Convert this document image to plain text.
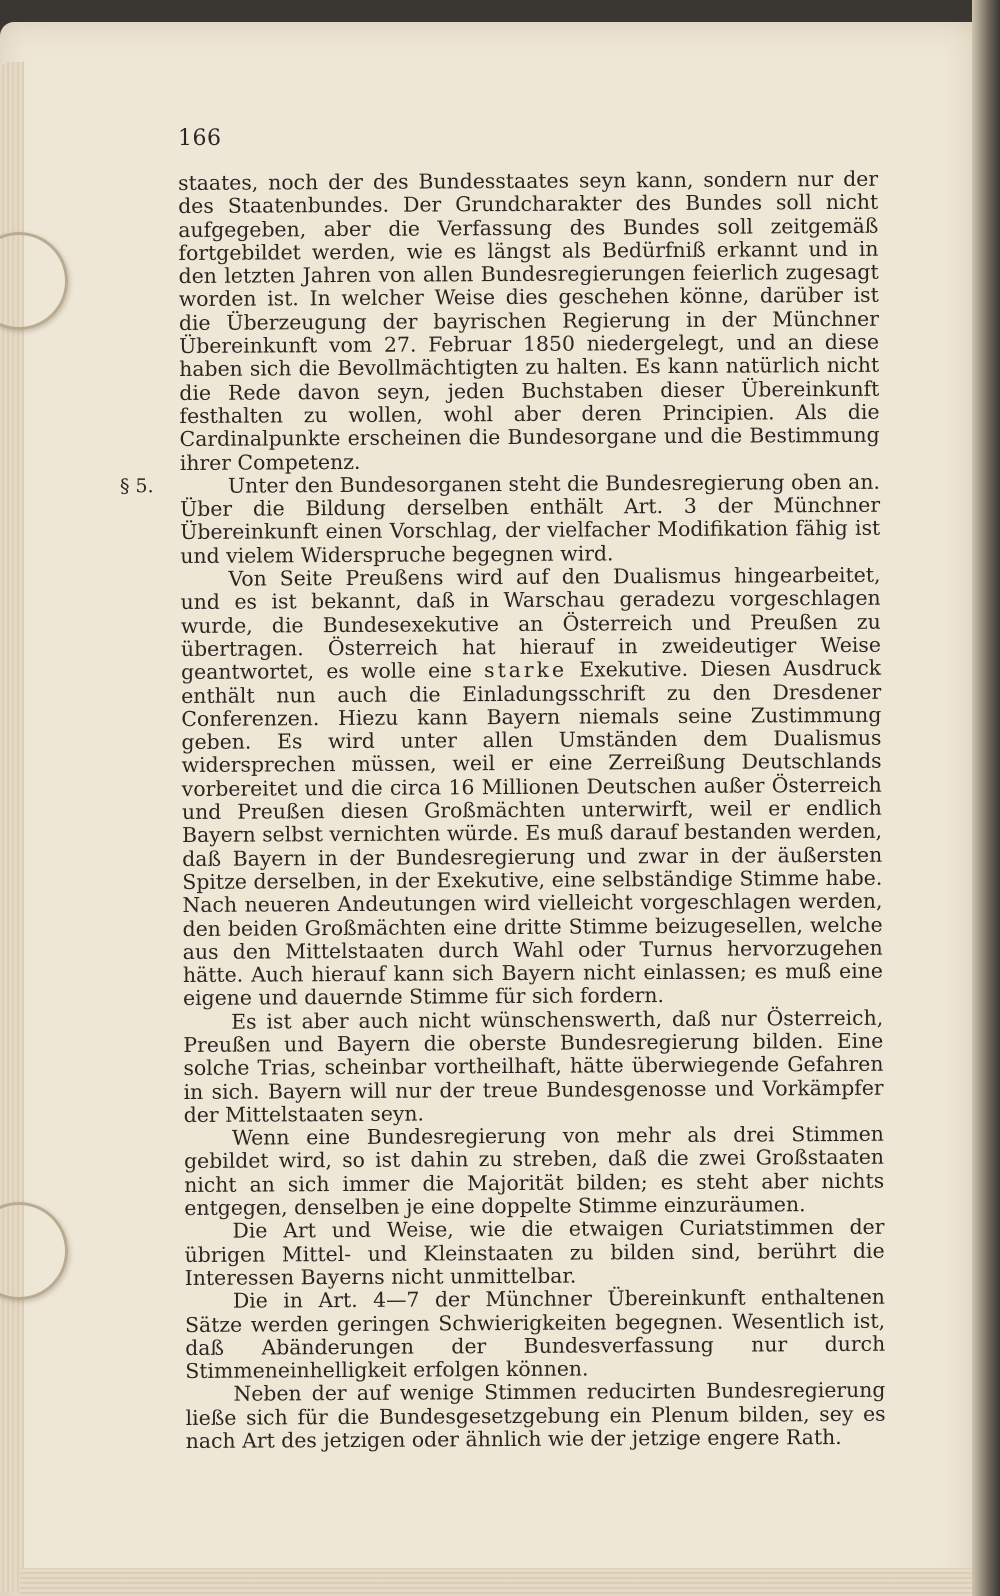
166

staates, noch der des Bundesstaates seyn kann, sondern nur der des Staatenbundes. Der Grundcharakter des Bundes soll nicht aufgegeben, aber die Verfassung des Bundes soll zeitgemäß fortgebildet werden, wie es längst als Bedürfniß erkannt und in den letzten Jahren von allen Bundesregierungen feierlich zugesagt worden ist. In welcher Weise dies geschehen könne, darüber ist die Überzeugung der bayrischen Regierung in der Münchner Übereinkunft vom 27. Februar 1850 niedergelegt, und an diese haben sich die Bevollmächtigten zu halten. Es kann natürlich nicht die Rede davon seyn, jeden Buchstaben dieser Übereinkunft festhalten zu wollen, wohl aber deren Principien. Als die Cardinalpunkte erscheinen die Bundesorgane und die Bestimmung ihrer Competenz.

§ 5.	Unter den Bundesorganen steht die Bundesregierung oben an. Über die Bildung derselben enthält Art. 3 der Münchner Übereinkunft einen Vorschlag, der vielfacher Modifikation fähig ist und vielem Widerspruche begegnen wird.

Von Seite Preußens wird auf den Dualismus hingearbeitet, und es ist bekannt, daß in Warschau geradezu vorgeschlagen wurde, die Bundesexekutive an Österreich und Preußen zu übertragen. Österreich hat hierauf in zweideutiger Weise geantwortet, es wolle eine starke Exekutive. Diesen Ausdruck enthält nun auch die Einladungsschrift zu den Dresdener Conferenzen. Hiezu kann Bayern niemals seine Zustimmung geben. Es wird unter allen Umständen dem Dualismus widersprechen müssen, weil er eine Zerreißung Deutschlands vorbereitet und die circa 16 Millionen Deutschen außer Österreich und Preußen diesen Großmächten unterwirft, weil er endlich Bayern selbst vernichten würde. Es muß darauf bestanden werden, daß Bayern in der Bundesregierung und zwar in der äußersten Spitze derselben, in der Exekutive, eine selbständige Stimme habe. Nach neueren Andeutungen wird vielleicht vorgeschlagen werden, den beiden Großmächten eine dritte Stimme beizugesellen, welche aus den Mittelstaaten durch Wahl oder Turnus hervorzugehen hätte. Auch hierauf kann sich Bayern nicht einlassen; es muß eine eigene und dauernde Stimme für sich fordern.

Es ist aber auch nicht wünschenswerth, daß nur Österreich, Preußen und Bayern die oberste Bundesregierung bilden. Eine solche Trias, scheinbar vortheilhaft, hätte überwiegende Gefahren in sich. Bayern will nur der treue Bundesgenosse und Vorkämpfer der Mittelstaaten seyn.

Wenn eine Bundesregierung von mehr als drei Stimmen gebildet wird, so ist dahin zu streben, daß die zwei Großstaaten nicht an sich immer die Majorität bilden; es steht aber nichts entgegen, denselben je eine doppelte Stimme einzuräumen.

Die Art und Weise, wie die etwaigen Curiatstimmen der übrigen Mittel- und Kleinstaaten zu bilden sind, berührt die Interessen Bayerns nicht unmittelbar.

Die in Art. 4—7 der Münchner Übereinkunft enthaltenen Sätze werden geringen Schwierigkeiten begegnen. Wesentlich ist, daß Abänderungen der Bundesverfassung nur durch Stimmeneinhelligkeit erfolgen können.

Neben der auf wenige Stimmen reducirten Bundesregierung ließe sich für die Bundesgesetzgebung ein Plenum bilden, sey es nach Art des jetzigen oder ähnlich wie der jetzige engere Rath.
